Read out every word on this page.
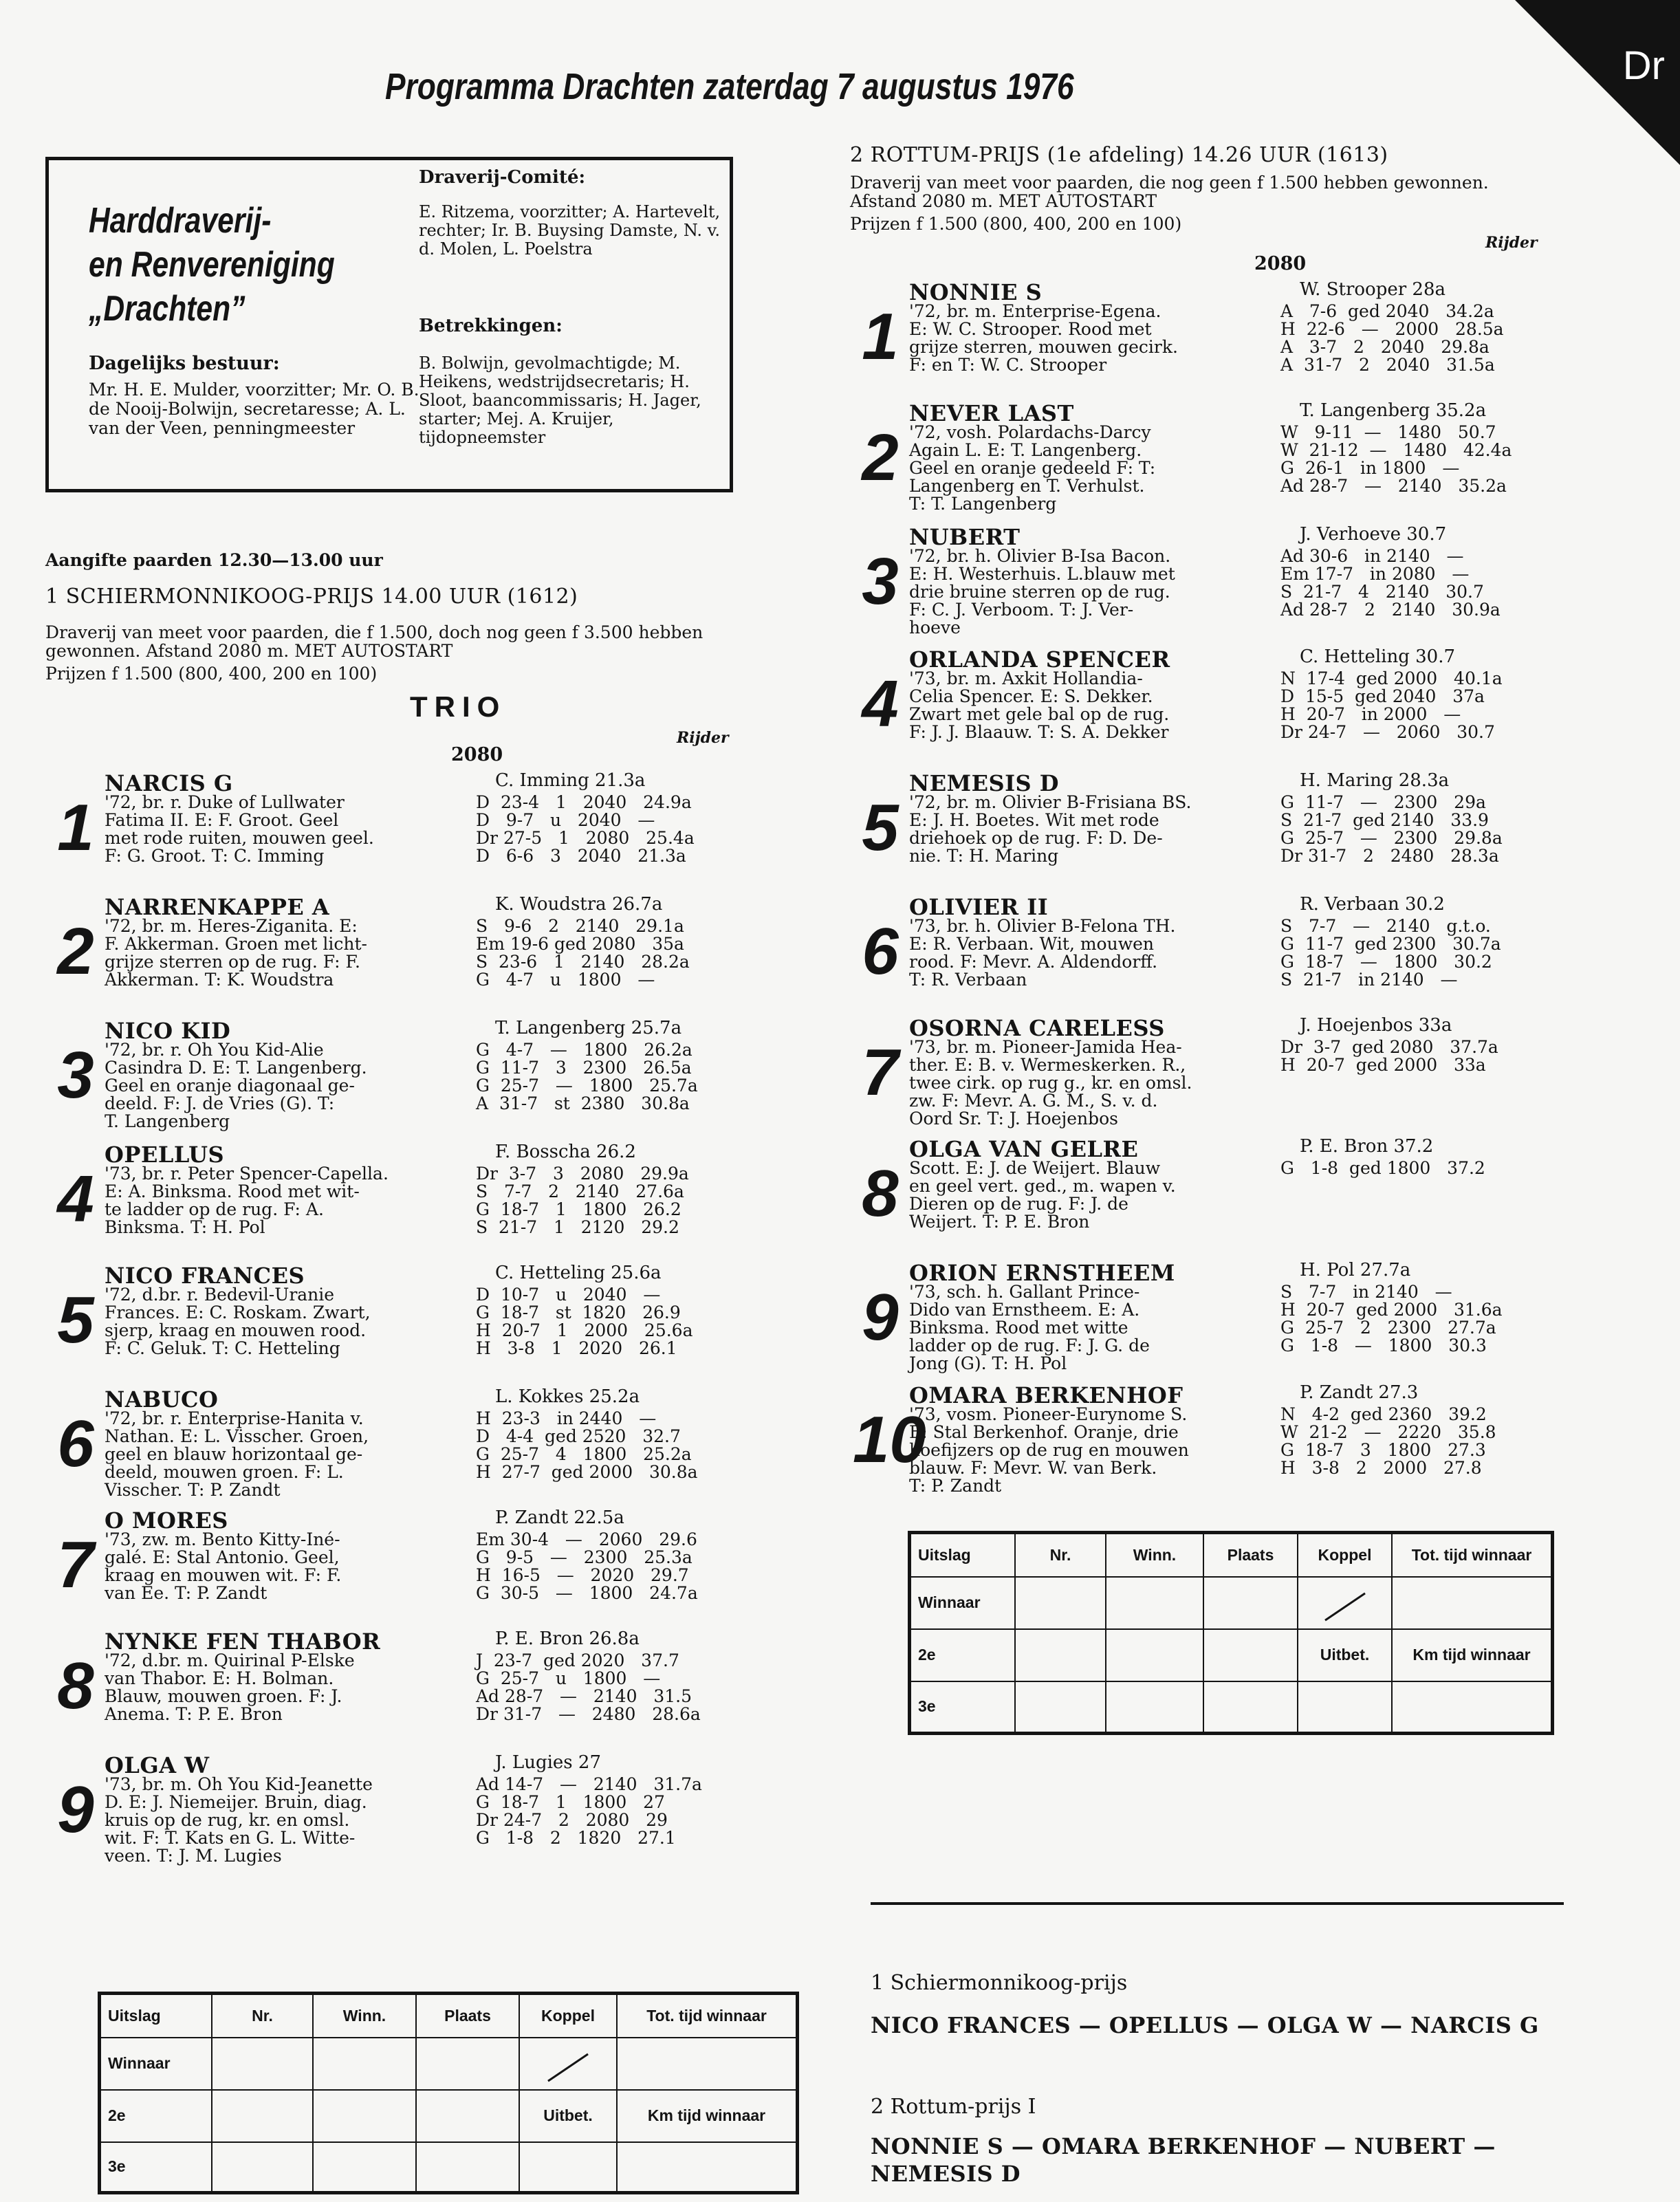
Programma Drachten zaterdag 7 augustus 1976	Dr
Harddraverij-
en Renvereniging
„Drachten”
Dagelijks bestuur:
Mr. H. E. Mulder, voorzitter; Mr. O. B. de Nooij-Bolwijn, secretaresse; A. L. van der Veen, penningmeester
Draverij-Comité:
E. Ritzema, voorzitter; A. Hartevelt, rechter; Ir. B. Buysing Damste, N. v. d. Molen, L. Poelstra
Betrekkingen:
B. Bolwijn, gevolmachtigde; M. Heikens, wedstrijdsecretaris; H. Sloot, baancommissaris; H. Jager, starter; Mej. A. Kruijer, tijdopneemster
Aangifte paarden 12.30—13.00 uur
1 SCHIERMONNIKOOG-PRIJS 14.00 UUR (1612)
Draverij van meet voor paarden, die f 1.500, doch nog geen f 3.500 hebben gewonnen. Afstand 2080 m. MET AUTOSTART
Prijzen f 1.500 (800, 400, 200 en 100)
TRIO
Rijder
2080
1
NARCIS G	C. Imming 21.3a
'72, br. r. Duke of Lullwater
Fatima II. E: F. Groot. Geel
met rode ruiten, mouwen geel.
F: G. Groot. T: C. Imming
D  23-4   1   2040   24.9a
D   9-7   u   2040   —
Dr 27-5   1   2080   25.4a
D   6-6   3   2040   21.3a
2
NARRENKAPPE A	K. Woudstra 26.7a
'72, br. m. Heres-Ziganita. E:
F. Akkerman. Groen met licht-
grijze sterren op de rug. F: F.
Akkerman. T: K. Woudstra
S   9-6   2   2140   29.1a
Em 19-6 ged 2080   35a
S  23-6   1   2140   28.2a
G   4-7   u   1800   —
3
NICO KID	T. Langenberg 25.7a
'72, br. r. Oh You Kid-Alie
Casindra D. E: T. Langenberg.
Geel en oranje diagonaal ge-
deeld. F: J. de Vries (G). T:
T. Langenberg
G   4-7   —   1800   26.2a
G  11-7   3   2300   26.5a
G  25-7   —   1800   25.7a
A  31-7   st  2380   30.8a
4
OPELLUS	F. Bosscha 26.2
'73, br. r. Peter Spencer-Capella.
E: A. Binksma. Rood met wit-
te ladder op de rug. F: A.
Binksma. T: H. Pol
Dr  3-7   3   2080   29.9a
S   7-7   2   2140   27.6a
G  18-7   1   1800   26.2
S  21-7   1   2120   29.2
5
NICO FRANCES	C. Hetteling 25.6a
'72, d.br. r. Bedevil-Uranie
Frances. E: C. Roskam. Zwart,
sjerp, kraag en mouwen rood.
F: C. Geluk. T: C. Hetteling
D  10-7   u   2040   —
G  18-7   st  1820   26.9
H  20-7   1   2000   25.6a
H   3-8   1   2020   26.1
6
NABUCO	L. Kokkes 25.2a
'72, br. r. Enterprise-Hanita v.
Nathan. E: L. Visscher. Groen,
geel en blauw horizontaal ge-
deeld, mouwen groen. F: L.
Visscher. T: P. Zandt
H  23-3   in 2440   —
D   4-4  ged 2520   32.7
G  25-7   4   1800   25.2a
H  27-7  ged 2000   30.8a
7
O MORES	P. Zandt 22.5a
'73, zw. m. Bento Kitty-Iné-
galé. E: Stal Antonio. Geel,
kraag en mouwen wit. F: F.
van Ee. T: P. Zandt
Em 30-4   —   2060   29.6
G   9-5   —   2300   25.3a
H  16-5   —   2020   29.7
G  30-5   —   1800   24.7a
8
NYNKE FEN THABOR	P. E. Bron 26.8a
'72, d.br. m. Quirinal P-Elske
van Thabor. E: H. Bolman.
Blauw, mouwen groen. F: J.
Anema. T: P. E. Bron
J  23-7  ged 2020   37.7
G  25-7   u   1800   —
Ad 28-7   —   2140   31.5
Dr 31-7   —   2480   28.6a
9
OLGA W	J. Lugies 27
'73, br. m. Oh You Kid-Jeanette
D. E: J. Niemeijer. Bruin, diag.
kruis op de rug, kr. en omsl.
wit. F: T. Kats en G. L. Witte-
veen. T: J. M. Lugies
Ad 14-7   —   2140   31.7a
G  18-7   1   1800   27
Dr 24-7   2   2080   29
G   1-8   2   1820   27.1
Uitslag	Nr.	Winn.	Plaats	Koppel	Tot. tijd winnaar
Winnaar					
2e				Uitbet.	Km tijd winnaar
3e					
2 ROTTUM-PRIJS (1e afdeling) 14.26 UUR (1613)
Draverij van meet voor paarden, die nog geen f 1.500 hebben gewonnen. Afstand 2080 m. MET AUTOSTART
Prijzen f 1.500 (800, 400, 200 en 100)
Rijder
2080
1
NONNIE S	W. Strooper 28a
'72, br. m. Enterprise-Egena.
E: W. C. Strooper. Rood met
grijze sterren, mouwen gecirk.
F: en T: W. C. Strooper
A   7-6  ged 2040   34.2a
H  22-6   —   2000   28.5a
A   3-7   2   2040   29.8a
A  31-7   2   2040   31.5a
2
NEVER LAST	T. Langenberg 35.2a
'72, vosh. Polardachs-Darcy
Again L. E: T. Langenberg.
Geel en oranje gedeeld F: T:
Langenberg en T. Verhulst.
T: T. Langenberg
W   9-11  —   1480   50.7
W  21-12  —   1480   42.4a
G  26-1   in 1800   —
Ad 28-7   —   2140   35.2a
3
NUBERT	J. Verhoeve 30.7
'72, br. h. Olivier B-Isa Bacon.
E: H. Westerhuis. L.blauw met
drie bruine sterren op de rug.
F: C. J. Verboom. T: J. Ver-
hoeve
Ad 30-6   in 2140   —
Em 17-7   in 2080   —
S  21-7   4   2140   30.7
Ad 28-7   2   2140   30.9a
4
ORLANDA SPENCER	C. Hetteling 30.7
'73, br. m. Axkit Hollandia-
Celia Spencer. E: S. Dekker.
Zwart met gele bal op de rug.
F: J. J. Blaauw. T: S. A. Dekker
N  17-4  ged 2000   40.1a
D  15-5  ged 2040   37a
H  20-7   in 2000   —
Dr 24-7   —   2060   30.7
5
NEMESIS D	H. Maring 28.3a
'72, br. m. Olivier B-Frisiana BS.
E: J. H. Boetes. Wit met rode
driehoek op de rug. F: D. De-
nie. T: H. Maring
G  11-7   —   2300   29a
S  21-7  ged 2140   33.9
G  25-7   —   2300   29.8a
Dr 31-7   2   2480   28.3a
6
OLIVIER II	R. Verbaan 30.2
'73, br. h. Olivier B-Felona TH.
E: R. Verbaan. Wit, mouwen
rood. F: Mevr. A. Aldendorff.
T: R. Verbaan
S   7-7   —   2140   g.t.o.
G  11-7  ged 2300   30.7a
G  18-7   —   1800   30.2
S  21-7   in 2140   —
7
OSORNA CARELESS	J. Hoejenbos 33a
'73, br. m. Pioneer-Jamida Hea-
ther. E: B. v. Wermeskerken. R.,
twee cirk. op rug g., kr. en omsl.
zw. F: Mevr. A. G. M., S. v. d.
Oord Sr. T: J. Hoejenbos
Dr  3-7  ged 2080   37.7a
H  20-7  ged 2000   33a
8
OLGA VAN GELRE	P. E. Bron 37.2
Scott. E: J. de Weijert. Blauw
en geel vert. ged., m. wapen v.
Dieren op de rug. F: J. de
Weijert. T: P. E. Bron
G   1-8  ged 1800   37.2
9
ORION ERNSTHEEM	H. Pol 27.7a
'73, sch. h. Gallant Prince-
Dido van Ernstheem. E: A.
Binksma. Rood met witte
ladder op de rug. F: J. G. de
Jong (G). T: H. Pol
S   7-7   in 2140   —
H  20-7  ged 2000   31.6a
G  25-7   2   2300   27.7a
G   1-8   —   1800   30.3
10
OMARA BERKENHOF	P. Zandt 27.3
'73, vosm. Pioneer-Eurynome S.
E: Stal Berkenhof. Oranje, drie
hoefijzers op de rug en mouwen
blauw. F: Mevr. W. van Berk.
T: P. Zandt
N   4-2  ged 2360   39.2
W  21-2   —   2220   35.8
G  18-7   3   1800   27.3
H   3-8   2   2000   27.8
Uitslag	Nr.	Winn.	Plaats	Koppel	Tot. tijd winnaar
Winnaar					
2e				Uitbet.	Km tijd winnaar
3e					
1 Schiermonnikoog-prijs
NICO FRANCES — OPELLUS — OLGA W — NARCIS G
2 Rottum-prijs I
NONNIE S — OMARA BERKENHOF — NUBERT —
NEMESIS D
